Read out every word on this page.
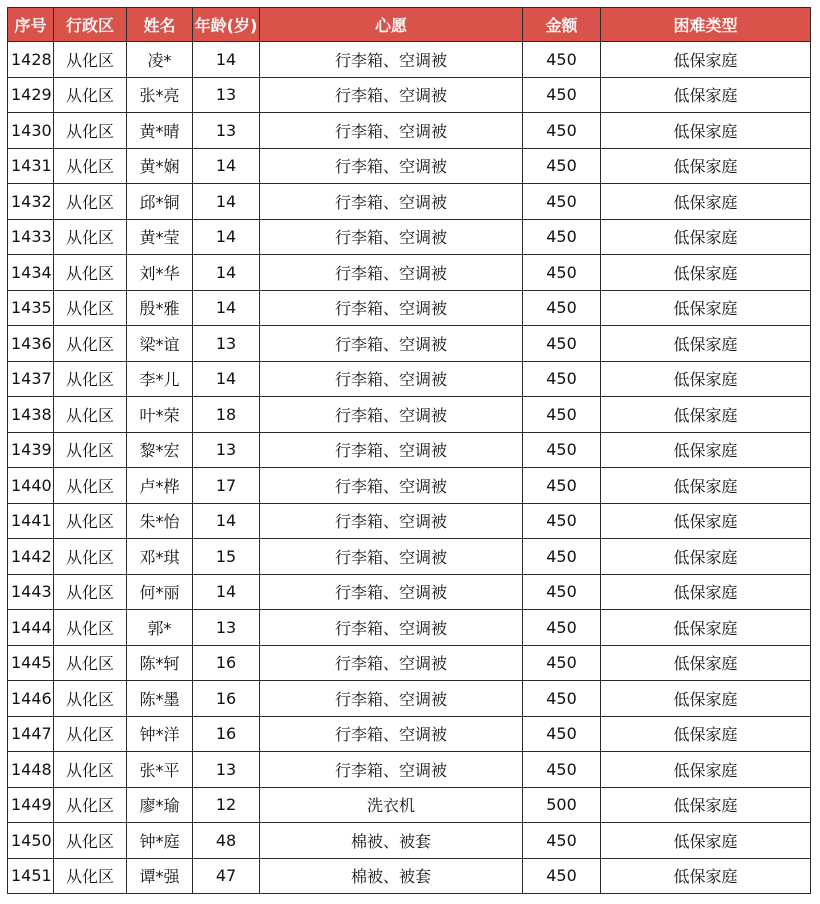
序号	行政区	姓名	年龄(岁)	心愿	金额	困难类型
1428	从化区	凌*	14	行李箱、空调被	450	低保家庭
1429	从化区	张*亮	13	行李箱、空调被	450	低保家庭
1430	从化区	黄*晴	13	行李箱、空调被	450	低保家庭
1431	从化区	黄*娴	14	行李箱、空调被	450	低保家庭
1432	从化区	邱*铜	14	行李箱、空调被	450	低保家庭
1433	从化区	黄*莹	14	行李箱、空调被	450	低保家庭
1434	从化区	刘*华	14	行李箱、空调被	450	低保家庭
1435	从化区	殷*雅	14	行李箱、空调被	450	低保家庭
1436	从化区	梁*谊	13	行李箱、空调被	450	低保家庭
1437	从化区	李*儿	14	行李箱、空调被	450	低保家庭
1438	从化区	叶*荣	18	行李箱、空调被	450	低保家庭
1439	从化区	黎*宏	13	行李箱、空调被	450	低保家庭
1440	从化区	卢*桦	17	行李箱、空调被	450	低保家庭
1441	从化区	朱*怡	14	行李箱、空调被	450	低保家庭
1442	从化区	邓*琪	15	行李箱、空调被	450	低保家庭
1443	从化区	何*丽	14	行李箱、空调被	450	低保家庭
1444	从化区	郭*	13	行李箱、空调被	450	低保家庭
1445	从化区	陈*轲	16	行李箱、空调被	450	低保家庭
1446	从化区	陈*墨	16	行李箱、空调被	450	低保家庭
1447	从化区	钟*洋	16	行李箱、空调被	450	低保家庭
1448	从化区	张*平	13	行李箱、空调被	450	低保家庭
1449	从化区	廖*瑜	12	洗衣机	500	低保家庭
1450	从化区	钟*庭	48	棉被、被套	450	低保家庭
1451	从化区	谭*强	47	棉被、被套	450	低保家庭
